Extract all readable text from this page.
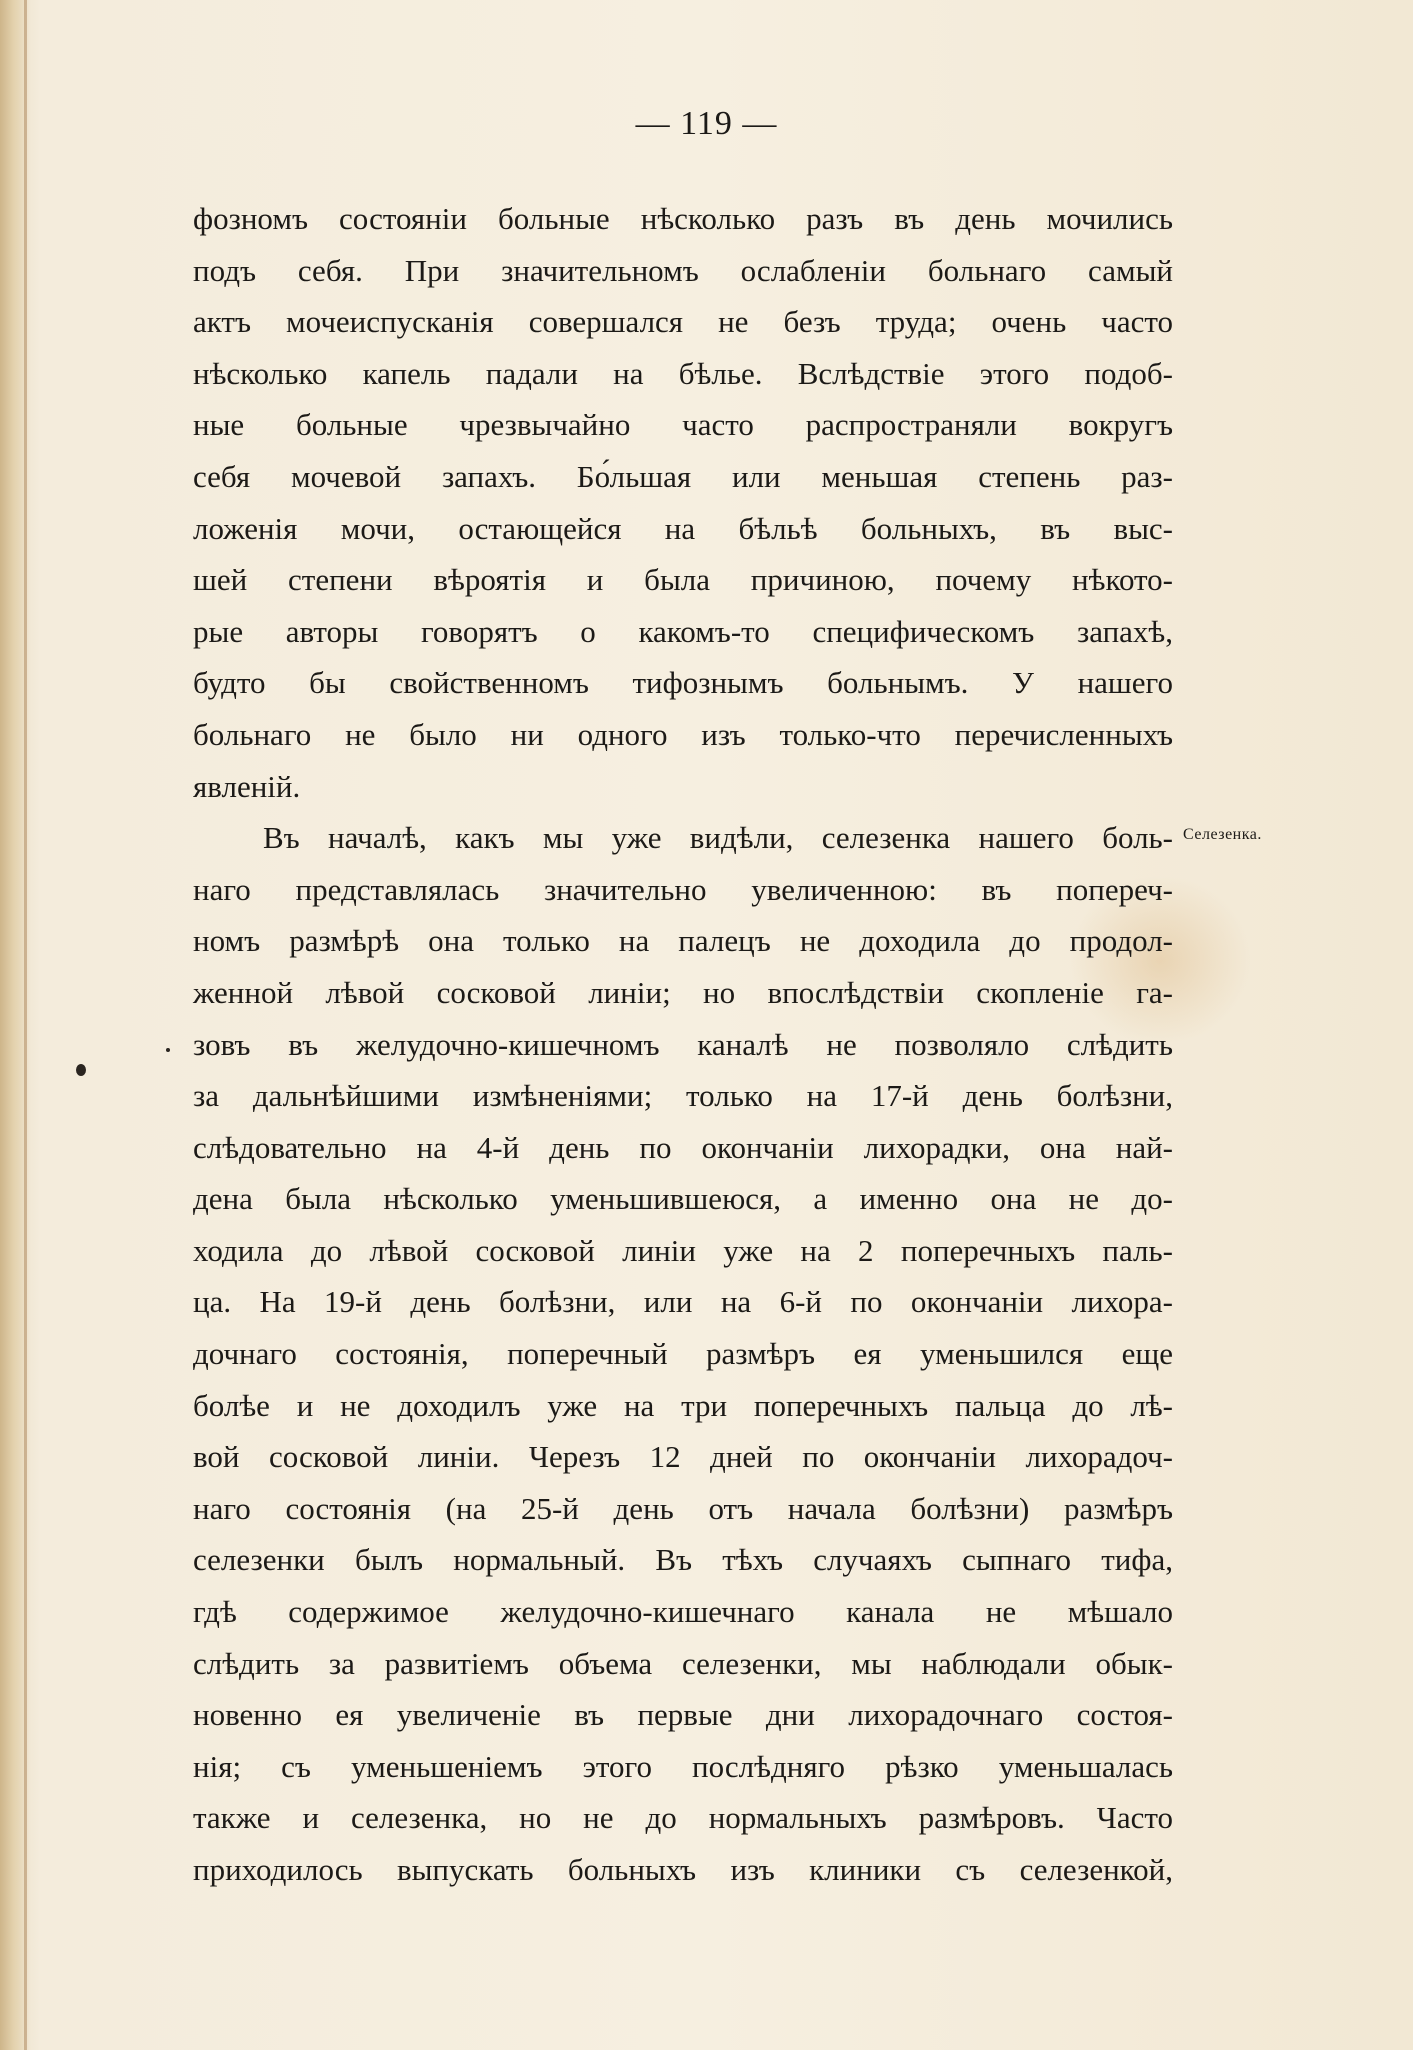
— 119 —
фозномъ состоянiи больные нѣсколько разъ въ день мочились
подъ себя. При значительномъ ослабленiи больнаго самый
актъ мочеиспусканiя совершался не безъ труда; очень часто
нѣсколько капель падали на бѣлье. Вслѣдствiе этого подоб-
ные больные чрезвычайно часто распространяли вокругъ
себя мочевой запахъ. Бо́льшая или меньшая степень раз-
ложенiя мочи, остающейся на бѣльѣ больныхъ, въ выс-
шей степени вѣроятiя и была причиною, почему нѣкото-
рые авторы говорятъ о какомъ-то специфическомъ запахѣ,
будто бы свойственномъ тифознымъ больнымъ. У нашего
больнаго не было ни одного изъ только-что перечисленныхъ
явленiй.
Въ началѣ, какъ мы уже видѣли, селезенка нашего боль-
наго представлялась значительно увеличенною: въ попереч-
номъ размѣрѣ она только на палецъ не доходила до продол-
женной лѣвой сосковой линiи; но впослѣдствiи скопленiе га-
зовъ въ желудочно-кишечномъ каналѣ не позволяло слѣдить
за дальнѣйшими измѣненiями; только на 17-й день болѣзни,
слѣдовательно на 4-й день по окончанiи лихорадки, она най-
дена была нѣсколько уменьшившеюся, а именно она не до-
ходила до лѣвой сосковой линiи уже на 2 поперечныхъ паль-
ца. На 19-й день болѣзни, или на 6-й по окончанiи лихора-
дочнаго состоянiя, поперечный размѣръ ея уменьшился еще
болѣе и не доходилъ уже на три поперечныхъ пальца до лѣ-
вой сосковой линiи. Черезъ 12 дней по окончанiи лихорадоч-
наго состоянiя (на 25-й день отъ начала болѣзни) размѣръ
селезенки былъ нормальный. Въ тѣхъ случаяхъ сыпнаго тифа,
гдѣ содержимое желудочно-кишечнаго канала не мѣшало
слѣдить за развитiемъ объема селезенки, мы наблюдали обык-
новенно ея увеличенiе въ первые дни лихорадочнаго состоя-
нiя; съ уменьшенiемъ этого послѣдняго рѣзко уменьшалась
также и селезенка, но не до нормальныхъ размѣровъ. Часто
приходилось выпускать больныхъ изъ клиники съ селезенкой,
Селезенка.
